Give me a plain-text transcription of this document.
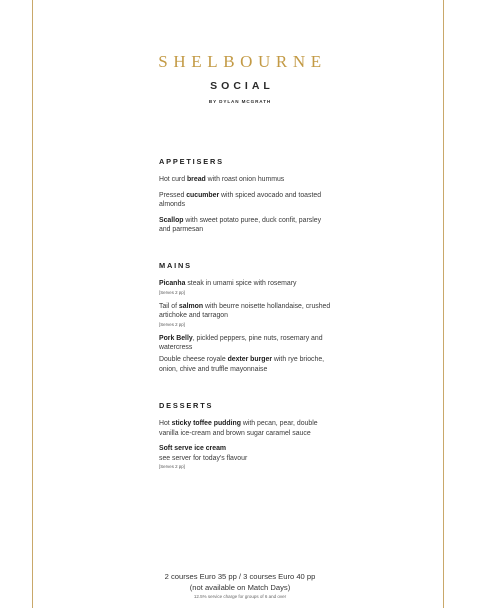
SHELBOURNE
SOCIAL
BY DYLAN MCGRATH
APPETISERS
Hot curd bread with roast onion hummus
Pressed cucumber with spiced avocado and toasted almonds
Scallop with sweet potato puree, duck confit, parsley and parmesan
MAINS
Picanha steak in umami spice with rosemary
[Serves 2 pp]
Tail of salmon with beurre noisette hollandaise, crushed artichoke and tarragon
[Serves 2 pp]
Pork Belly, pickled peppers, pine nuts, rosemary and watercress
Double cheese royale dexter burger with rye brioche, onion, chive and truffle mayonnaise
DESSERTS
Hot sticky toffee pudding with pecan, pear, double vanilla ice-cream and brown sugar caramel sauce
Soft serve ice cream
see server for today's flavour
[Serves 2 pp]
2 courses Euro 35 pp / 3 courses Euro 40 pp
(not available on Match Days)
12.5% service charge for groups of 6 and over
